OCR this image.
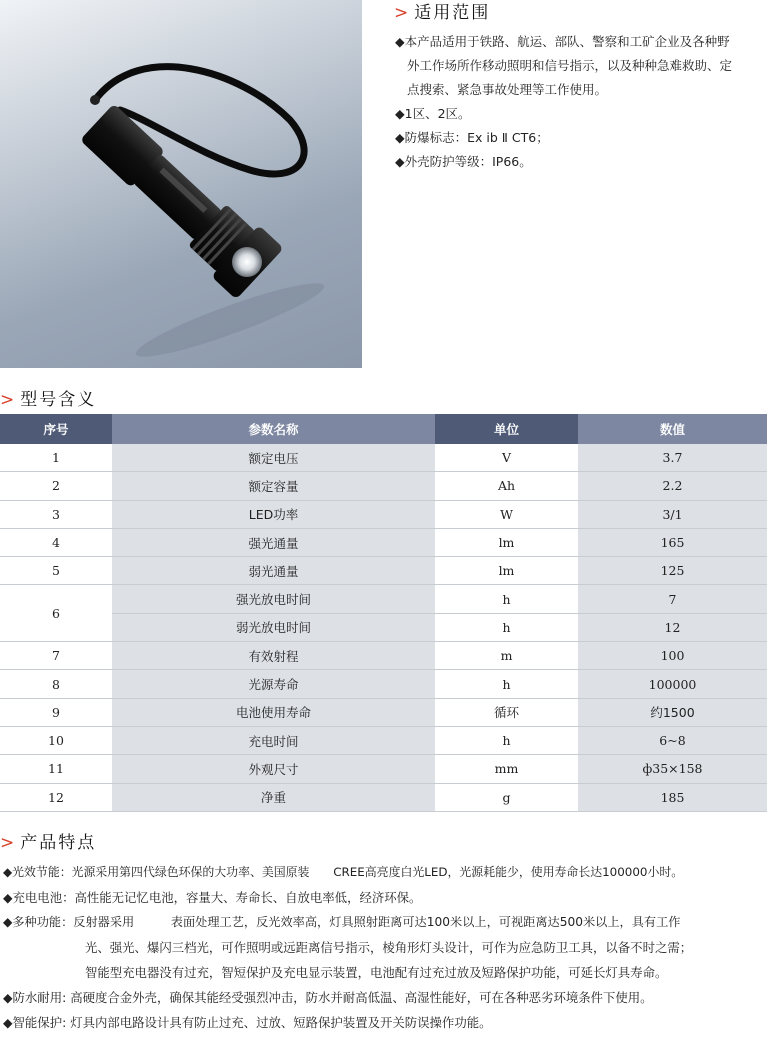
> 适用范围

◆本产品适用于铁路、航运、部队、警察和工矿企业及各种野

外工作场所作移动照明和信号指示，以及种种急难救助、定

点搜索、紧急事故处理等工作使用。

◆1区、2区。

◆防爆标志：Ex ib Ⅱ CT6；

◆外壳防护等级：IP66。

> 型号含义
序号	参数名称	单位	数值
1	额定电压	V	3.7
2	额定容量	Ah	2.2
3	LED功率	W	3/1
4	强光通量	lm	165
5	弱光通量	lm	125
6	强光放电时间	h	7
	弱光放电时间	h	12
7	有效射程	m	100
8	光源寿命	h	100000
9	电池使用寿命	循环	约1500
10	充电时间	h	6~8
11	外观尺寸	mm	ф35×158
12	净重	g	185
> 产品特点
◆光效节能：光源采用第四代绿色环保的大功率、美国原装　　CREE高亮度白光LED，光源耗能少，使用寿命长达100000小时。
◆充电电池：高性能无记忆电池，容量大、寿命长、自放电率低，经济环保。
◆多种功能：反射器采用　　　表面处理工艺，反光效率高，灯具照射距离可达100米以上，可视距离达500米以上，具有工作
光、强光、爆闪三档光，可作照明或远距离信号指示，棱角形灯头设计，可作为应急防卫工具，以备不时之需；
智能型充电器没有过充，智短保护及充电显示装置，电池配有过充过放及短路保护功能，可延长灯具寿命。
◆防水耐用: 高硬度合金外壳，确保其能经受强烈冲击，防水并耐高低温、高湿性能好，可在各种恶劣环境条件下使用。
◆智能保护: 灯具内部电路设计具有防止过充、过放、短路保护装置及开关防误操作功能。
